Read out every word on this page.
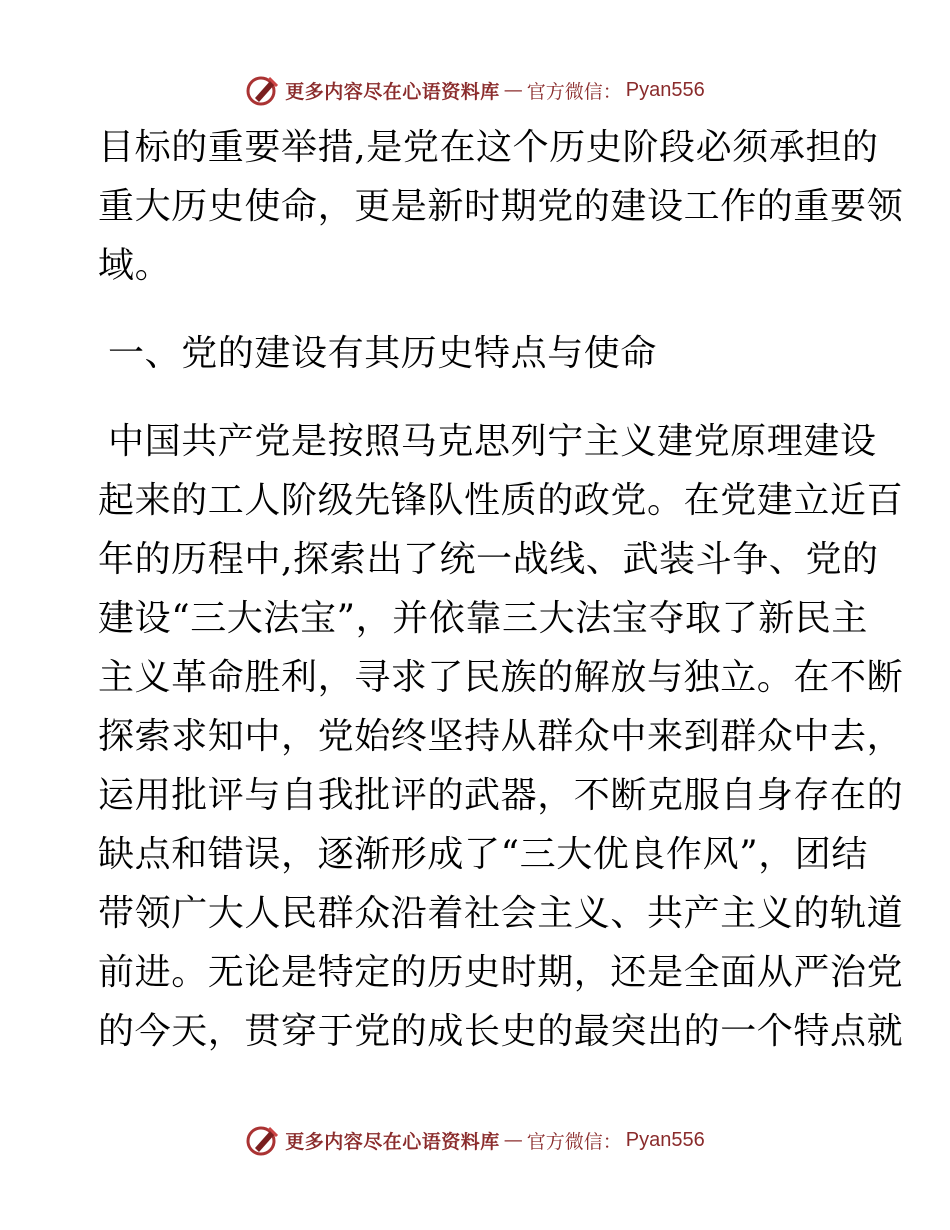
更多内容尽在心语资料库 — 官方微信： Pyan556
目标的重要举措,是党在这个历史阶段必须承担的
重大历史使命，更是新时期党的建设工作的重要领
域。
一、党的建设有其历史特点与使命
中国共产党是按照马克思列宁主义建党原理建设
起来的工人阶级先锋队性质的政党。在党建立近百
年的历程中,探索出了统一战线、武装斗争、党的
建设“三大法宝”，并依靠三大法宝夺取了新民主
主义革命胜利，寻求了民族的解放与独立。在不断
探索求知中，党始终坚持从群众中来到群众中去，
运用批评与自我批评的武器，不断克服自身存在的
缺点和错误，逐渐形成了“三大优良作风”，团结
带领广大人民群众沿着社会主义、共产主义的轨道
前进。无论是特定的历史时期，还是全面从严治党
的今天，贯穿于党的成长史的最突出的一个特点就
更多内容尽在心语资料库 — 官方微信： Pyan556
